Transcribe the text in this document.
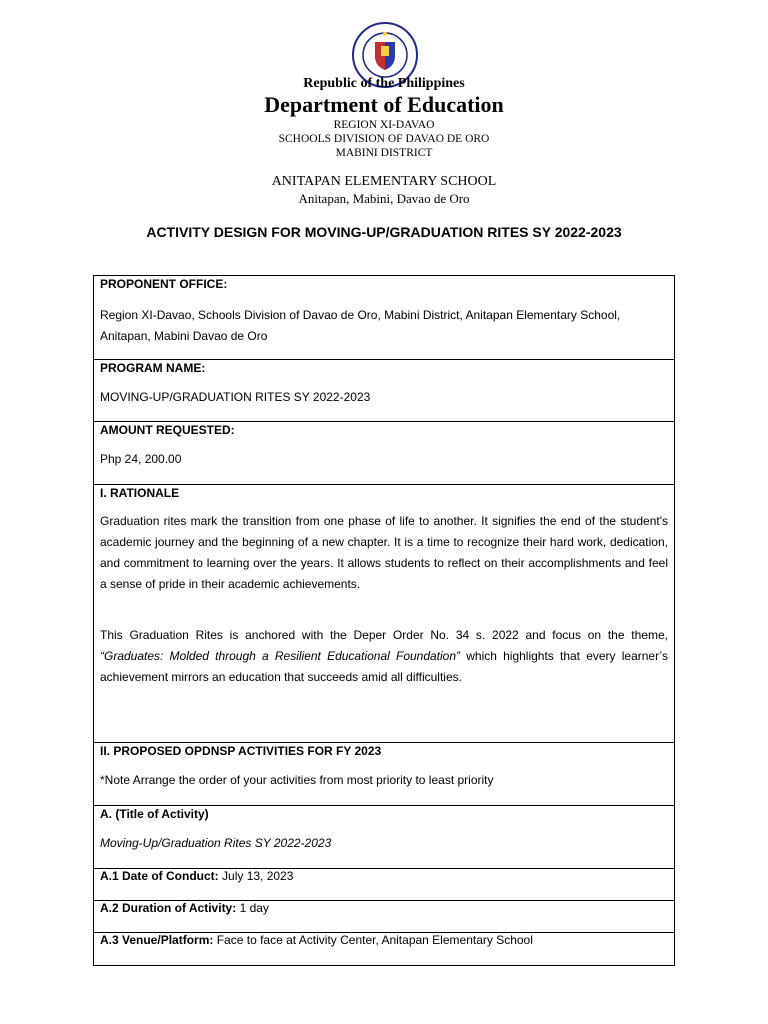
Republic of the Philippines
Department of Education
REGION XI-DAVAO
SCHOOLS DIVISION OF DAVAO DE ORO
MABINI DISTRICT
ANITAPAN ELEMENTARY SCHOOL
Anitapan, Mabini, Davao de Oro
ACTIVITY DESIGN FOR MOVING-UP/GRADUATION RITES SY 2022-2023
PROPONENT OFFICE:
Region XI-Davao, Schools Division of Davao de Oro, Mabini District, Anitapan Elementary School, Anitapan, Mabini Davao de Oro
PROGRAM NAME:
MOVING-UP/GRADUATION RITES SY 2022-2023
AMOUNT REQUESTED:
Php 24, 200.00
I. RATIONALE
Graduation rites mark the transition from one phase of life to another. It signifies the end of the student's academic journey and the beginning of a new chapter. It is a time to recognize their hard work, dedication, and commitment to learning over the years. It allows students to reflect on their accomplishments and feel a sense of pride in their academic achievements.
This Graduation Rites is anchored with the Deper Order No. 34 s. 2022 and focus on the theme, “Graduates: Molded through a Resilient Educational Foundation” which highlights that every learner’s achievement mirrors an education that succeeds amid all difficulties.
II. PROPOSED OPDNSP ACTIVITIES FOR FY 2023
*Note Arrange the order of your activities from most priority to least priority
A. (Title of Activity)
Moving-Up/Graduation Rites SY 2022-2023
A.1 Date of Conduct: July 13, 2023
A.2 Duration of Activity: 1 day
A.3 Venue/Platform: Face to face at Activity Center, Anitapan Elementary School
